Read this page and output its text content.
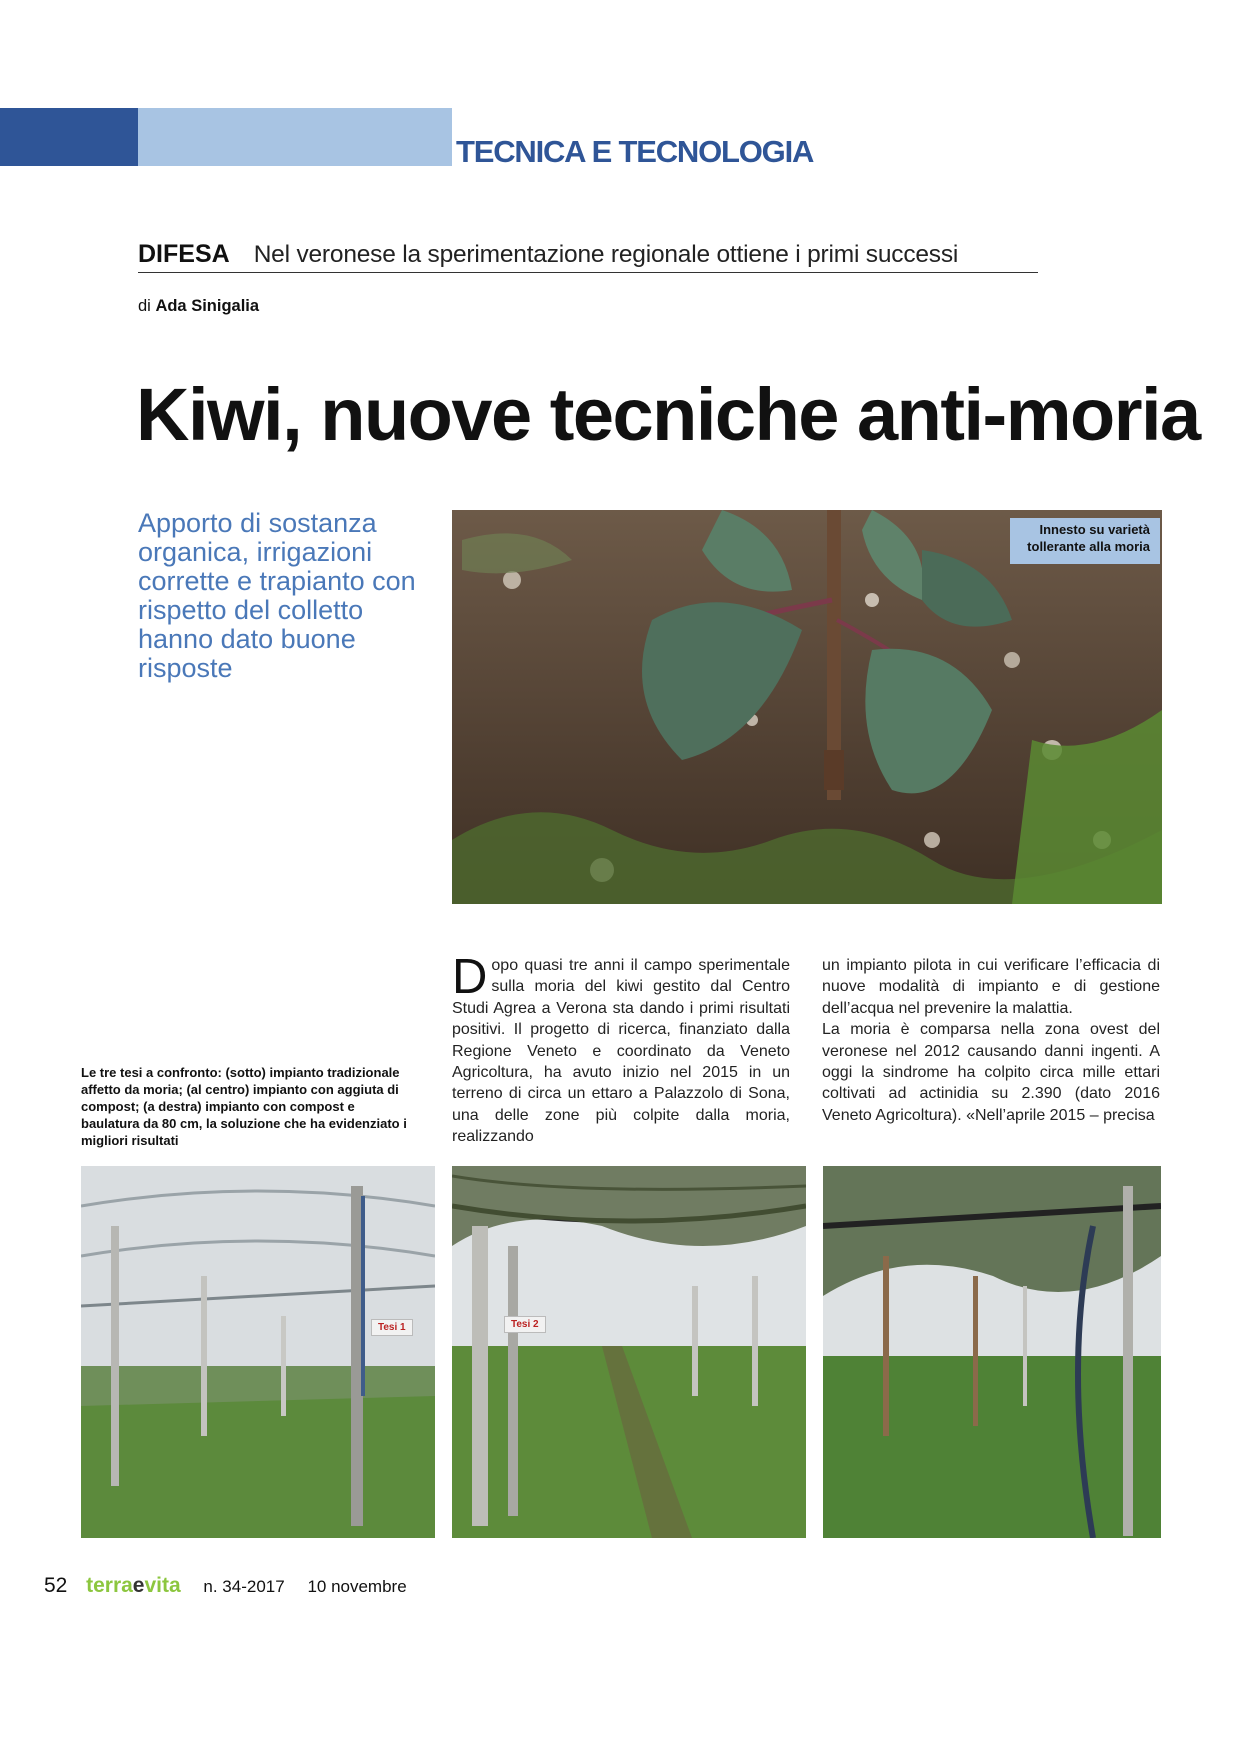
TECNICA E TECNOLOGIA
DIFESA Nel veronese la sperimentazione regionale ottiene i primi successi
di Ada Sinigalia
Kiwi, nuove tecniche anti-moria
Apporto di sostanza organica, irrigazioni corrette e trapianto con rispetto del colletto hanno dato buone risposte
Innesto su varietà tollerante alla moria
Le tre tesi a confronto: (sotto) impianto tradizionale affetto da moria; (al centro) impianto con aggiuta di compost; (a destra) impianto con compost e baulatura da 80 cm, la soluzione che ha evidenziato i migliori risultati
Dopo quasi tre anni il campo sperimentale sulla moria del kiwi gestito dal Centro Studi Agrea a Verona sta dando i primi risultati positivi. Il progetto di ricerca, finanziato dalla Regione Veneto e coordinato da Veneto Agricoltura, ha avuto inizio nel 2015 in un terreno di circa un ettaro a Palazzolo di Sona, una delle zone più colpite dalla moria, realizzando
un impianto pilota in cui verificare l’efficacia di nuove modalità di impianto e di gestione dell’acqua nel prevenire la malattia.
La moria è comparsa nella zona ovest del veronese nel 2012 causando danni ingenti. A oggi la sindrome ha colpito circa mille ettari coltivati ad actinidia su 2.390 (dato 2016 Veneto Agricoltura). «Nell’aprile 2015 – precisa
Tesi 1	Tesi 2
52 terraevita n. 34-2017 10 novembre
